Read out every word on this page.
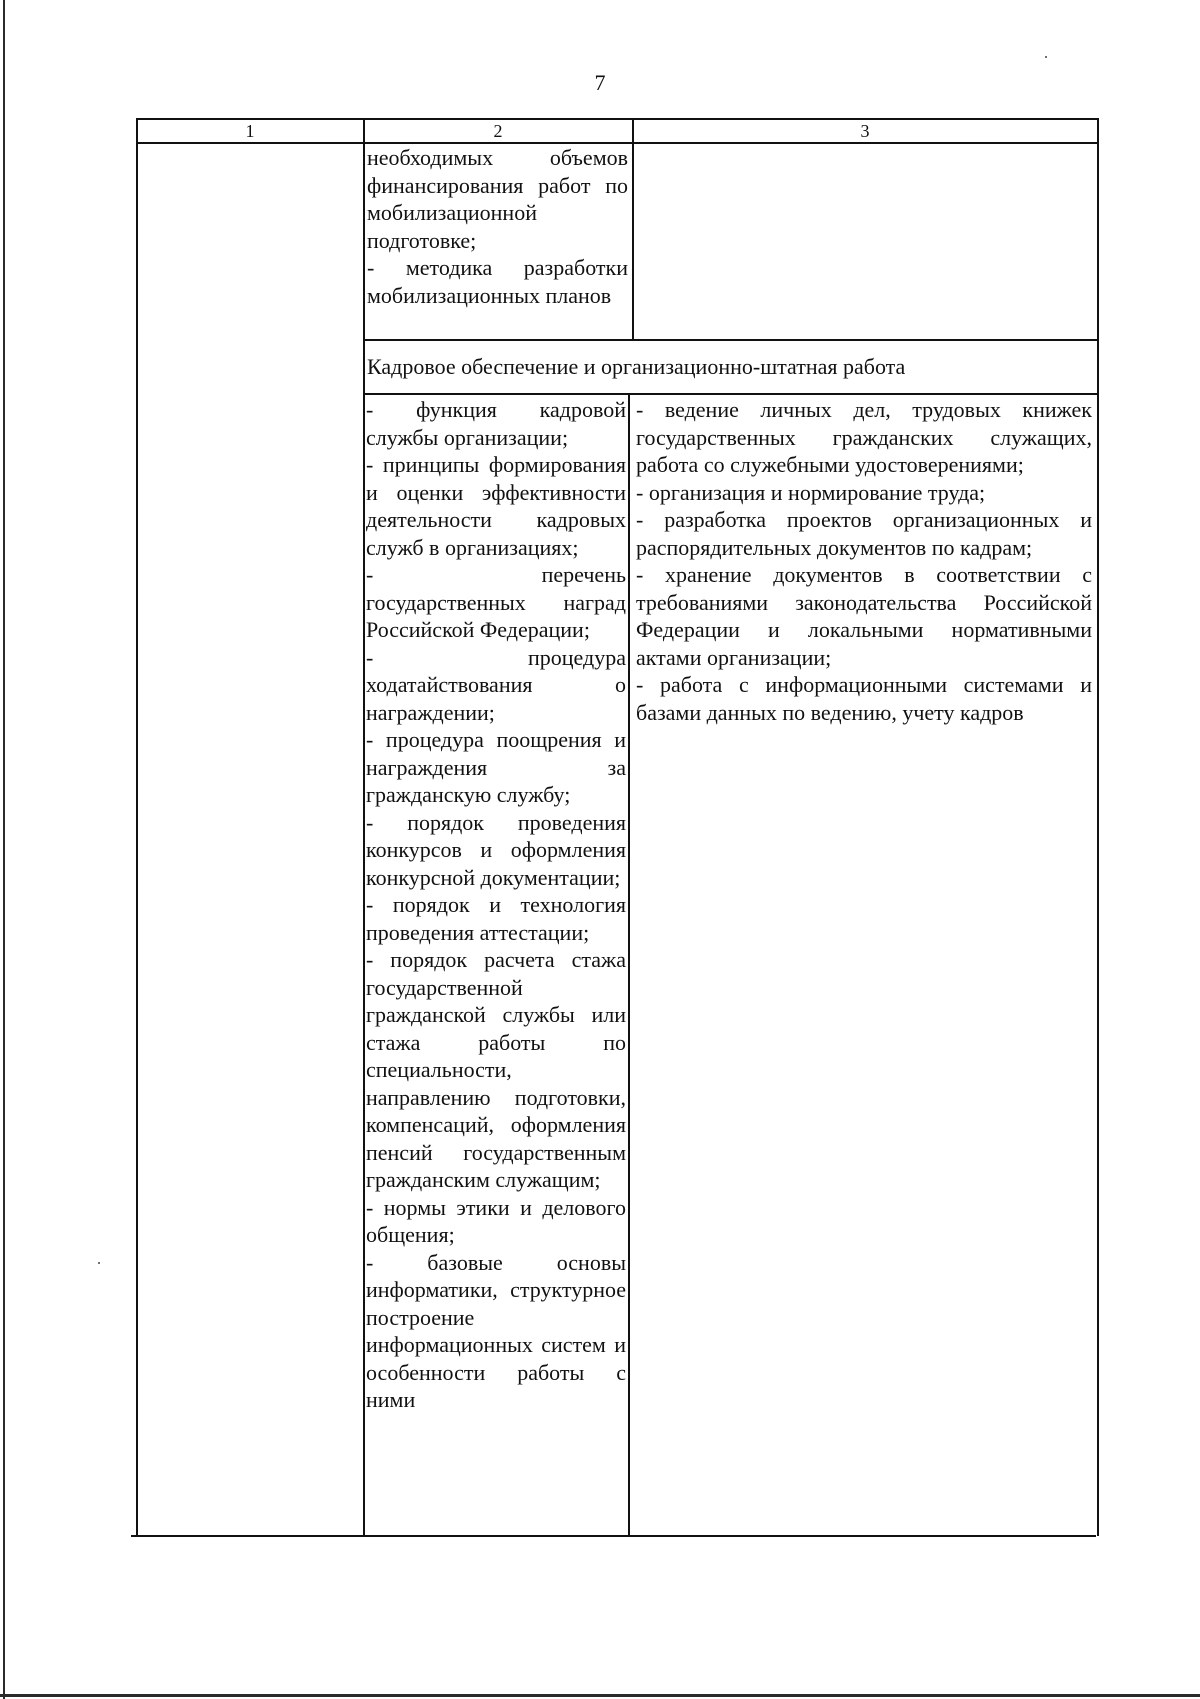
7
1	2	3

необходимых объемов финансирования работ по мобилизационной подготовке;

- методика разработки мобилизационных планов

Кадровое обеспечение и организационно-штатная работа

- функция кадровой службы организации;

- принципы формирования и оценки эффективности деятельности кадровых служб в организациях;

- перечень государственных наград Российской Федерации;

- процедура ходатайствования о награждении;

- процедура поощрения и награждения за гражданскую службу;

- порядок проведения конкурсов и оформления конкурсной документации;

- порядок и технология проведения аттестации;

- порядок расчета стажа государственной гражданской службы или стажа работы по специальности, направлению подготовки, компенсаций, оформления пенсий государственным гражданским служащим;

- нормы этики и делового общения;

- базовые основы информатики, структурное построение информационных систем и особенности работы с ними

- ведение личных дел, трудовых книжек государственных гражданских служащих, работа со служебными удостоверениями;

- организация и нормирование труда;

- разработка проектов организационных и распорядительных документов по кадрам;

- хранение документов в соответствии с требованиями законодательства Российской Федерации и локальными нормативными актами организации;

- работа с информационными системами и базами данных по ведению, учету кадров
